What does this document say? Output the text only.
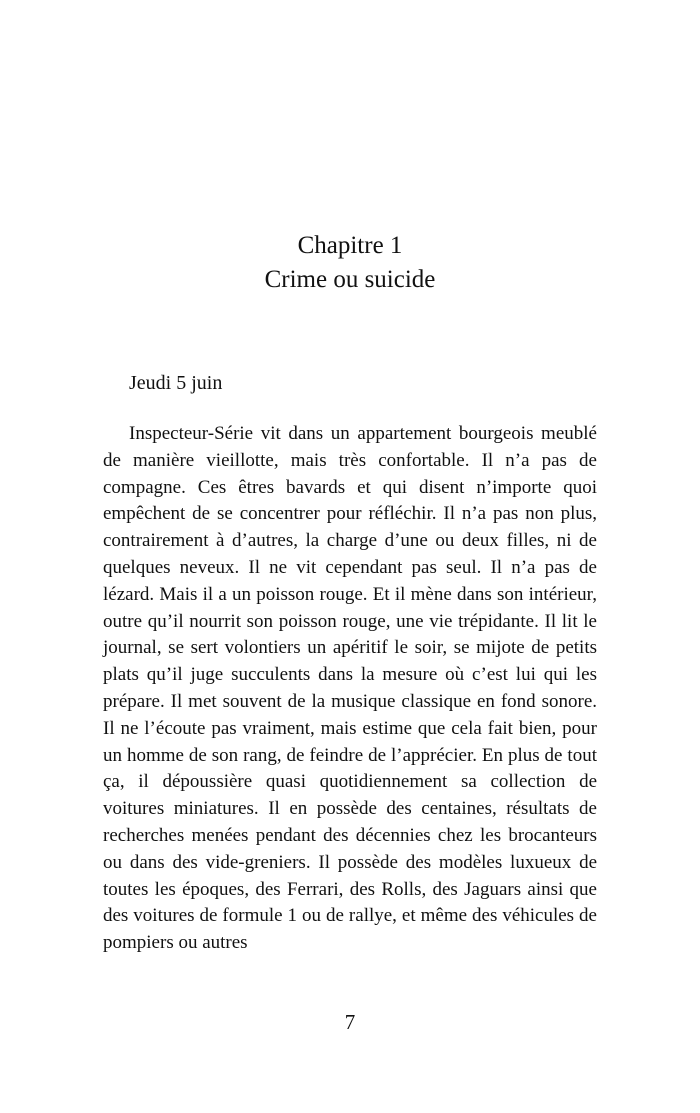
Chapitre 1
Crime ou suicide
Jeudi 5 juin

Inspecteur-Série vit dans un appartement bourgeois meublé de manière vieillotte, mais très confortable. Il n’a pas de compagne. Ces êtres bavards et qui disent n’importe quoi empêchent de se concentrer pour réfléchir. Il n’a pas non plus, contrairement à d’autres, la charge d’une ou deux filles, ni de quelques neveux. Il ne vit cependant pas seul. Il n’a pas de lézard. Mais il a un poisson rouge. Et il mène dans son intérieur, outre qu’il nourrit son poisson rouge, une vie trépidante. Il lit le journal, se sert volontiers un apéritif le soir, se mijote de petits plats qu’il juge succulents dans la mesure où c’est lui qui les prépare. Il met souvent de la musique classique en fond sonore. Il ne l’écoute pas vraiment, mais estime que cela fait bien, pour un homme de son rang, de feindre de l’apprécier. En plus de tout ça, il dépoussière quasi quotidiennement sa collection de voitures miniatures. Il en possède des centaines, résultats de recherches menées pendant des décennies chez les brocanteurs ou dans des vide-greniers. Il possède des modèles luxueux de toutes les époques, des Ferrari, des Rolls, des Jaguars ainsi que des voitures de formule 1 ou de rallye, et même des véhicules de pompiers ou autres

7
